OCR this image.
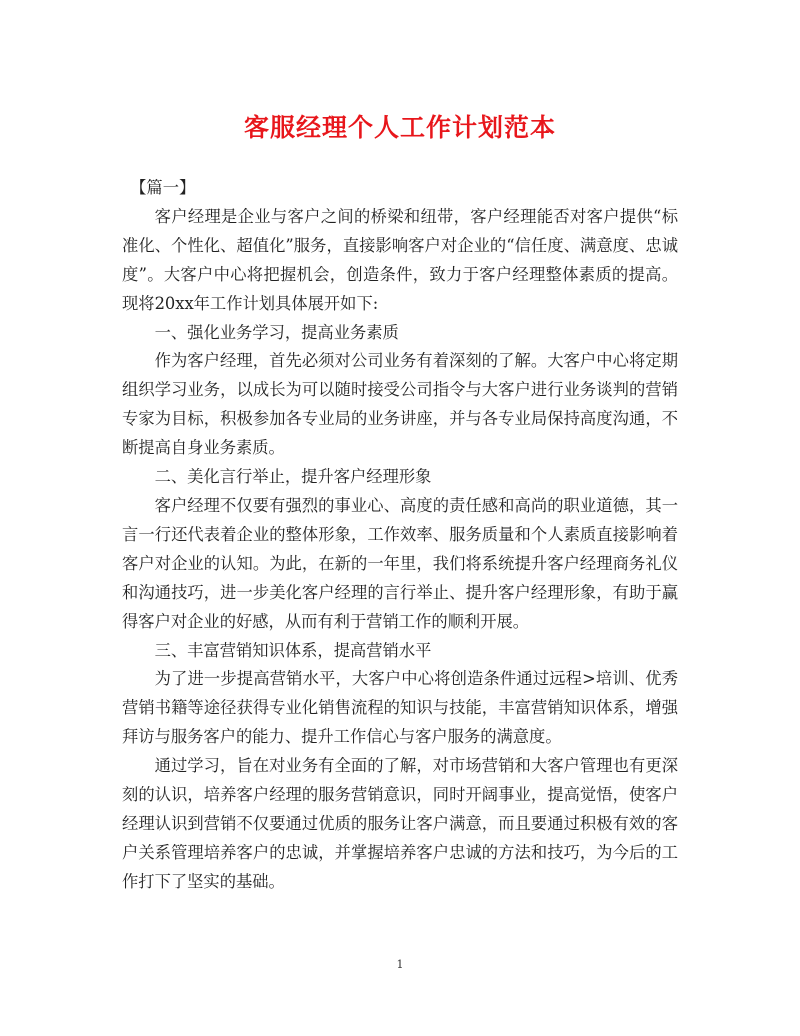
客服经理个人工作计划范本

【篇一】

客户经理是企业与客户之间的桥梁和纽带，客户经理能否对客户提供“标准化、个性化、超值化”服务，直接影响客户对企业的“信任度、满意度、忠诚度”。大客户中心将把握机会，创造条件，致力于客户经理整体素质的提高。现将20xx年工作计划具体展开如下:

一、强化业务学习，提高业务素质

作为客户经理，首先必须对公司业务有着深刻的了解。大客户中心将定期组织学习业务，以成长为可以随时接受公司指令与大客户进行业务谈判的营销专家为目标，积极参加各专业局的业务讲座，并与各专业局保持高度沟通，不断提高自身业务素质。

二、美化言行举止，提升客户经理形象

客户经理不仅要有强烈的事业心、高度的责任感和高尚的职业道德，其一言一行还代表着企业的整体形象，工作效率、服务质量和个人素质直接影响着客户对企业的认知。为此，在新的一年里，我们将系统提升客户经理商务礼仪和沟通技巧，进一步美化客户经理的言行举止、提升客户经理形象，有助于赢得客户对企业的好感，从而有利于营销工作的顺利开展。

三、丰富营销知识体系，提高营销水平

为了进一步提高营销水平，大客户中心将创造条件通过远程>培训、优秀营销书籍等途径获得专业化销售流程的知识与技能，丰富营销知识体系，增强拜访与服务客户的能力、提升工作信心与客户服务的满意度。

通过学习，旨在对业务有全面的了解，对市场营销和大客户管理也有更深刻的认识，培养客户经理的服务营销意识，同时开阔事业，提高觉悟，使客户经理认识到营销不仅要通过优质的服务让客户满意，而且要通过积极有效的客户关系管理培养客户的忠诚，并掌握培养客户忠诚的方法和技巧，为今后的工作打下了坚实的基础。

1
